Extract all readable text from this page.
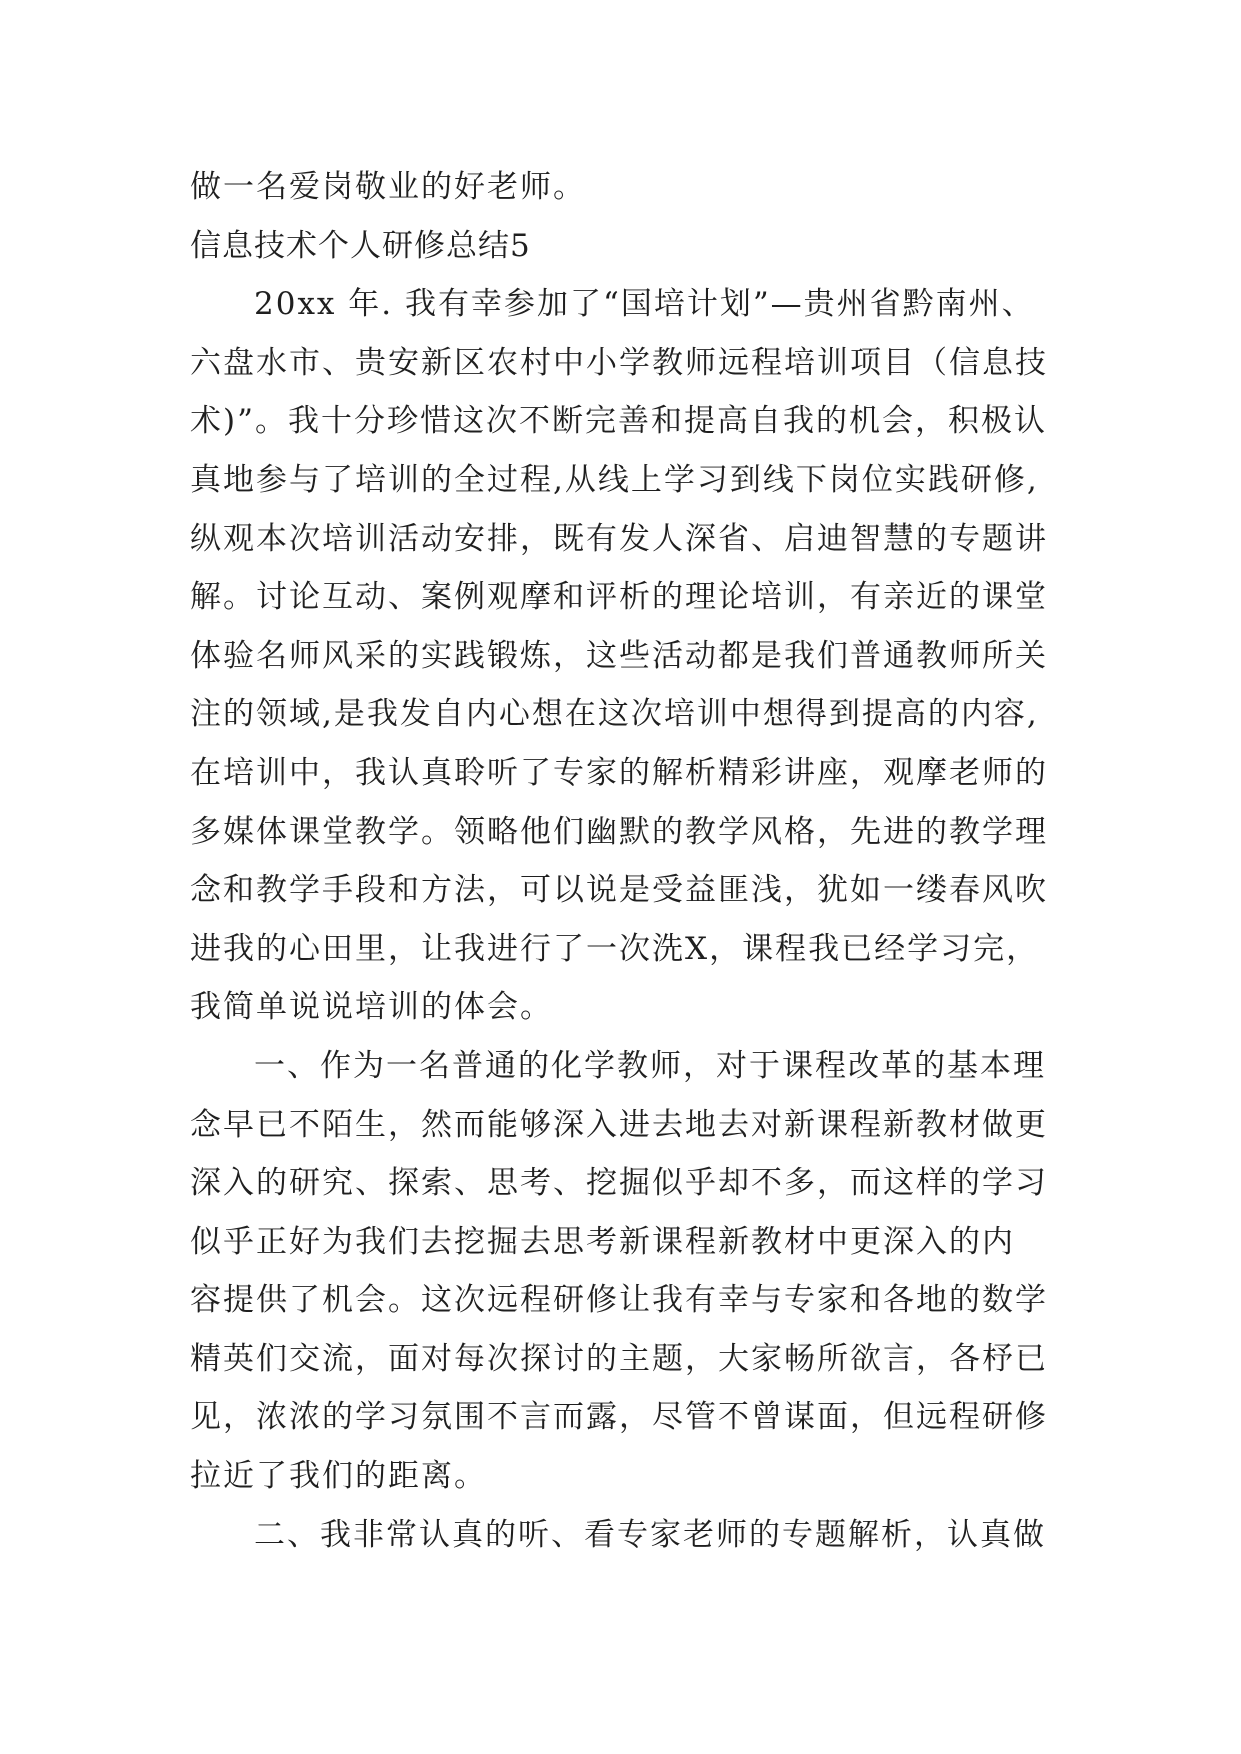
做一名爱岗敬业的好老师。
信息技术个人研修总结5
20xx 年. 我有幸参加了“国培计划”—贵州省黔南州、
六盘水市、贵安新区农村中小学教师远程培训项目（信息技
术)”。我十分珍惜这次不断完善和提高自我的机会，积极认
真地参与了培训的全过程,从线上学习到线下岗位实践研修,
纵观本次培训活动安排，既有发人深省、启迪智慧的专题讲
解。讨论互动、案例观摩和评析的理论培训，有亲近的课堂
体验名师风采的实践锻炼，这些活动都是我们普通教师所关
注的领域,是我发自内心想在这次培训中想得到提高的内容,
在培训中，我认真聆听了专家的解析精彩讲座，观摩老师的
多媒体课堂教学。领略他们幽默的教学风格，先进的教学理
念和教学手段和方法，可以说是受益匪浅，犹如一缕春风吹
进我的心田里，让我进行了一次洗X，课程我已经学习完，
我简单说说培训的体会。
一、作为一名普通的化学教师，对于课程改革的基本理
念早已不陌生，然而能够深入进去地去对新课程新教材做更
深入的研究、探索、思考、挖掘似乎却不多，而这样的学习
似乎正好为我们去挖掘去思考新课程新教材中更深入的内
容提供了机会。这次远程研修让我有幸与专家和各地的数学
精英们交流，面对每次探讨的主题，大家畅所欲言，各杼已
见，浓浓的学习氛围不言而露，尽管不曾谋面，但远程研修
拉近了我们的距离。
二、我非常认真的听、看专家老师的专题解析，认真做
